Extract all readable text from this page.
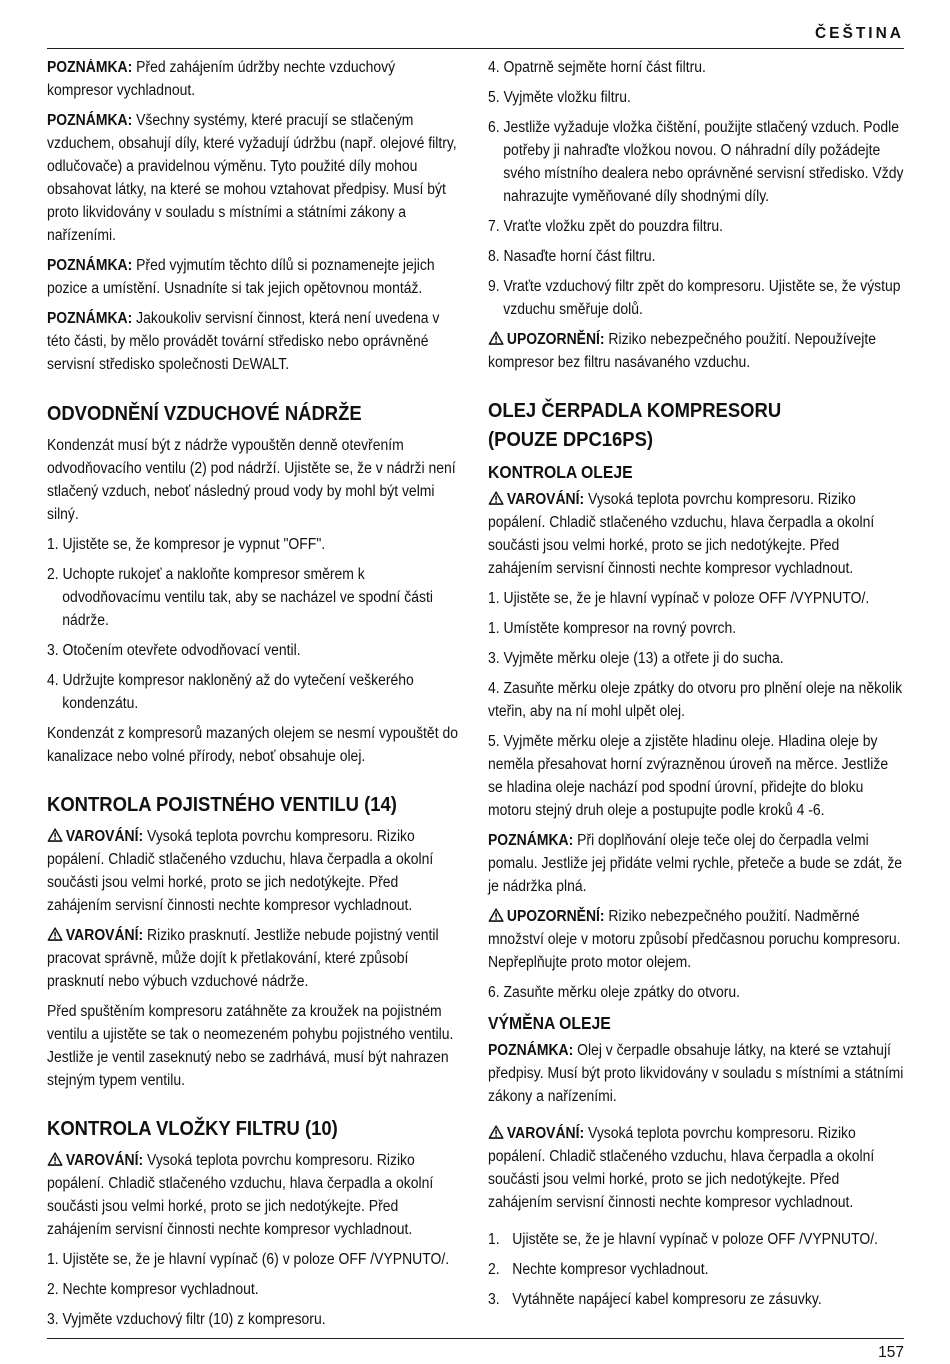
ČEŠTINA

POZNÁMKA: Před zahájením údržby nechte vzduchový kompresor vychladnout.

POZNÁMKA: Všechny systémy, které pracují se stlačeným vzduchem, obsahují díly, které vyžadují údržbu (např. olejové filtry, odlučovače) a pravidelnou výměnu. Tyto použité díly mohou obsahovat látky, na které se mohou vztahovat předpisy. Musí být proto likvidovány v souladu s místními a státními zákony a nařízeními.

POZNÁMKA: Před vyjmutím těchto dílů si poznamenejte jejich pozice a umístění. Usnadníte si tak jejich opětovnou montáž.

POZNÁMKA: Jakoukoliv servisní činnost, která není uvedena v této části, by mělo provádět tovární středisko nebo oprávněné servisní středisko společnosti DEWALT.

ODVODNĚNÍ VZDUCHOVÉ NÁDRŽE

Kondenzát musí být z nádrže vypouštěn denně otevřením odvodňovacího ventilu (2) pod nádrží. Ujistěte se, že v nádrži není stlačený vzduch, neboť následný proud vody by mohl být velmi silný.

1. Ujistěte se, že kompresor je vypnut "OFF".
2. Uchopte rukojeť a nakloňte kompresor směrem k odvodňovacímu ventilu tak, aby se nacházel ve spodní části nádrže.
3. Otočením otevřete odvodňovací ventil.
4. Udržujte kompresor nakloněný až do vytečení veškerého kondenzátu.

Kondenzát z kompresorů mazaných olejem se nesmí vypouštět do kanalizace nebo volné přírody, neboť obsahuje olej.

KONTROLA POJISTNÉHO VENTILU (14)

VAROVÁNÍ: Vysoká teplota povrchu kompresoru. Riziko popálení. Chladič stlačeného vzduchu, hlava čerpadla a okolní součásti jsou velmi horké, proto se jich nedotýkejte. Před zahájením servisní činnosti nechte kompresor vychladnout.

VAROVÁNÍ: Riziko prasknutí. Jestliže nebude pojistný ventil pracovat správně, může dojít k přetlakování, které způsobí prasknutí nebo výbuch vzduchové nádrže.

Před spuštěním kompresoru zatáhněte za kroužek na pojistném ventilu a ujistěte se tak o neomezeném pohybu pojistného ventilu. Jestliže je ventil zaseknutý nebo se zadrhává, musí být nahrazen stejným typem ventilu.

KONTROLA VLOŽKY FILTRU (10)

VAROVÁNÍ: Vysoká teplota povrchu kompresoru. Riziko popálení. Chladič stlačeného vzduchu, hlava čerpadla a okolní součásti jsou velmi horké, proto se jich nedotýkejte. Před zahájením servisní činnosti nechte kompresor vychladnout.

1. Ujistěte se, že je hlavní vypínač (6) v poloze OFF /VYPNUTO/.
2. Nechte kompresor vychladnout.
3. Vyjměte vzduchový filtr (10) z kompresoru.
4. Opatrně sejměte horní část filtru.
5. Vyjměte vložku filtru.
6. Jestliže vyžaduje vložka čištění, použijte stlačený vzduch. Podle potřeby ji nahraďte vložkou novou. O náhradní díly požádejte svého místního dealera nebo oprávněné servisní středisko. Vždy nahrazujte vyměňované díly shodnými díly.
7. Vraťte vložku zpět do pouzdra filtru.
8. Nasaďte horní část filtru.
9. Vraťte vzduchový filtr zpět do kompresoru. Ujistěte se, že výstup vzduchu směřuje dolů.

UPOZORNĚNÍ: Riziko nebezpečného použití. Nepoužívejte kompresor bez filtru nasávaného vzduchu.

OLEJ ČERPADLA KOMPRESORU
(POUZE DPC16PS)
KONTROLA OLEJE

VAROVÁNÍ: Vysoká teplota povrchu kompresoru. Riziko popálení. Chladič stlačeného vzduchu, hlava čerpadla a okolní součásti jsou velmi horké, proto se jich nedotýkejte. Před zahájením servisní činnosti nechte kompresor vychladnout.

1. Ujistěte se, že je hlavní vypínač v poloze OFF /VYPNUTO/.

1. Umístěte kompresor na rovný povrch.

3. Vyjměte měrku oleje (13) a otřete ji do sucha.

4. Zasuňte měrku oleje zpátky do otvoru pro plnění oleje na několik vteřin, aby na ní mohl ulpět olej.

5. Vyjměte měrku oleje a zjistěte hladinu oleje. Hladina oleje by neměla přesahovat horní zvýrazněnou úroveň na měrce. Jestliže se hladina oleje nachází pod spodní úrovní, přidejte do bloku motoru stejný druh oleje a postupujte podle kroků 4 -6.

POZNÁMKA: Při doplňování oleje teče olej do čerpadla velmi pomalu. Jestliže jej přidáte velmi rychle, přeteče a bude se zdát, že je nádržka plná.

UPOZORNĚNÍ: Riziko nebezpečného použití. Nadměrné množství oleje v motoru způsobí předčasnou poruchu kompresoru. Nepřeplňujte proto motor olejem.

6. Zasuňte měrku oleje zpátky do otvoru.

VÝMĚNA OLEJE

POZNÁMKA: Olej v čerpadle obsahuje látky, na které se vztahují předpisy. Musí být proto likvidovány v souladu s místními a státními zákony a nařízeními.

VAROVÁNÍ: Vysoká teplota povrchu kompresoru. Riziko popálení. Chladič stlačeného vzduchu, hlava čerpadla a okolní součásti jsou velmi horké, proto se jich nedotýkejte. Před zahájením servisní činnosti nechte kompresor vychladnout.

1. Ujistěte se, že je hlavní vypínač v poloze OFF /VYPNUTO/.
2. Nechte kompresor vychladnout.
3. Vytáhněte napájecí kabel kompresoru ze zásuvky.
157
